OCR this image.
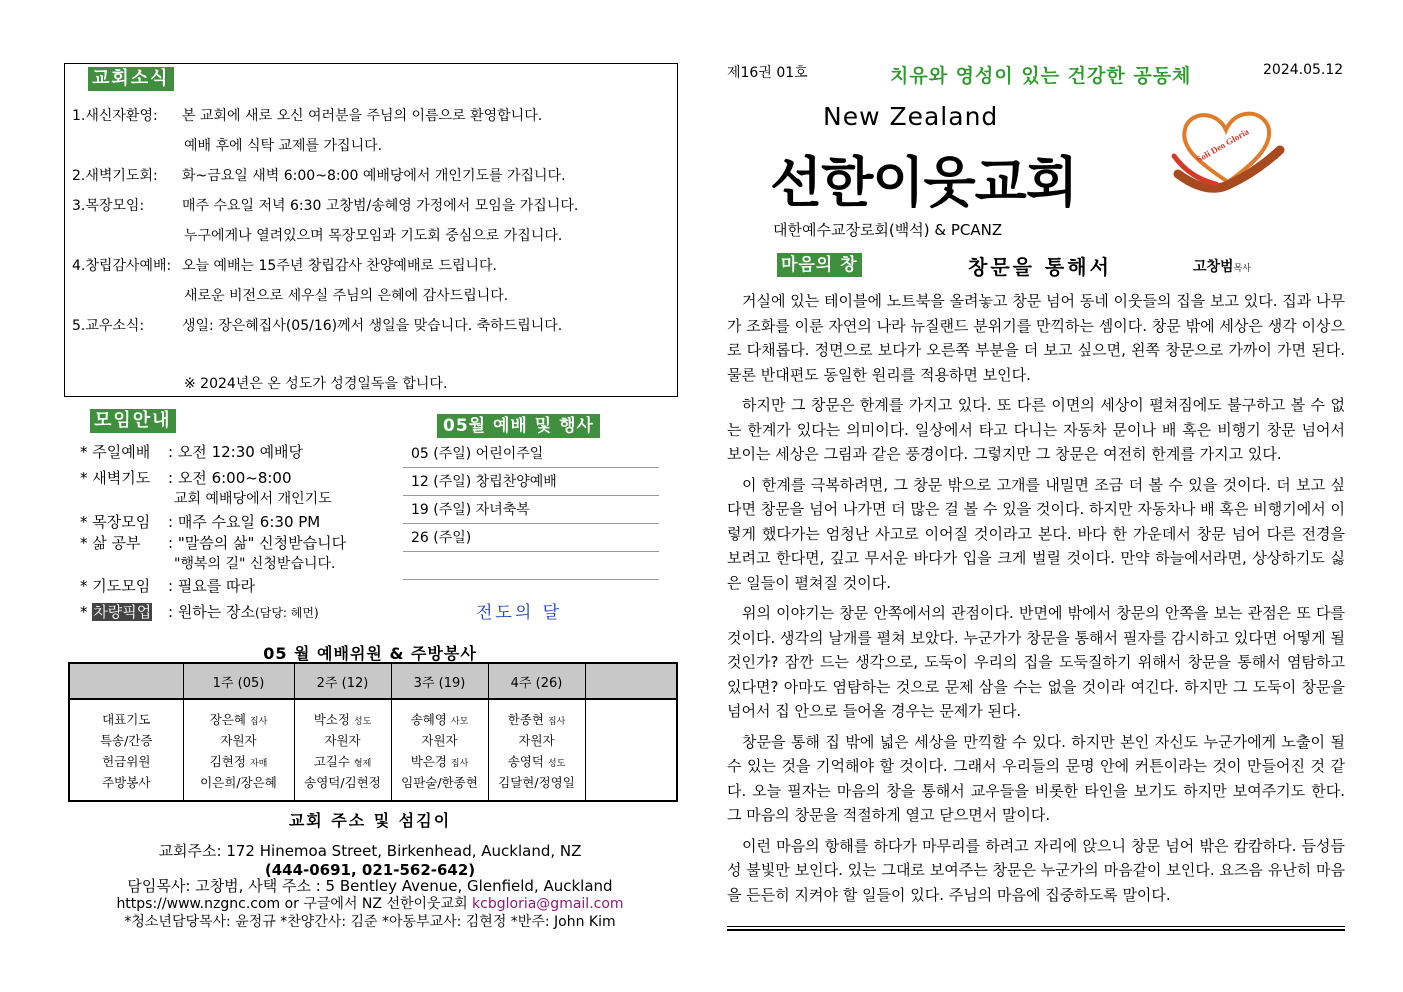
교회소식
1.새신자환영: 본 교회에 새로 오신 여러분을 주님의 이름으로 환영합니다.
예배 후에 식탁 교제를 가집니다.
2.새벽기도회: 화~금요일 새벽 6:00~8:00 예배당에서 개인기도를 가집니다.
3.목장모임:	매주 수요일 저녁 6:30 고창범/송혜영 가정에서 모임을 가집니다.
누구에게나 열려있으며 목장모임과 기도회 중심으로 가집니다.
4.창립감사예배: 오늘 예배는 15주년 창립감사 찬양예배로 드립니다.
새로운 비전으로 세우실 주님의 은혜에 감사드립니다.
5.교우소식:	생일: 장은혜집사(05/16)께서 생일을 맞습니다. 축하드립니다.
※ 2024년은 온 성도가 성경일독을 합니다.
모임안내
* 주일예배 : 오전 12:30 예배당
* 새벽기도 : 오전 6:00~8:00
교회 예배당에서 개인기도
* 목장모임 : 매주 수요일 6:30 PM
* 삶 공부 : "말씀의 삶" 신청받습니다
"행복의 길" 신청받습니다.
* 기도모임 : 필요를 따라
* 차량픽업 : 원하는 장소(담당: 헤먼)
05월 예배 및 행사
05 (주일) 어린이주일
12 (주일) 창립찬양예배
19 (주일) 자녀축복
26 (주일)
전도의 달
05 월 예배위원 & 주방봉사
	1주 (05)	2주 (12)	3주 (19)	4주 (26)	
대표기도	장은혜 집사	박소정 성도	송혜영 사모	한종현 집사	
특송/간증	자원자	자원자	자원자	자원자	
헌금위원	김현정 자매	고길수 형제	박은경 집사	송영덕 성도	
주방봉사	이은희/장은혜	송영덕/김현정	임판술/한종현	김달현/정영일	
교회 주소 및 섬김이
교회주소: 172 Hinemoa Street, Birkenhead, Auckland, NZ
(444-0691, 021-562-642)
담임목사: 고창범, 사택 주소 : 5 Bentley Avenue, Glenfield, Auckland
https://www.nzgnc.com or 구글에서 NZ 선한이웃교회 kcbgloria@gmail.com
*청소년담당목사: 윤정규 *찬양간사: 김준 *아동부교사: 김현정 *반주: John Kim
제16권 01호	치유와 영성이 있는 건강한 공동체	2024.05.12
New Zealand
선한이웃교회
대한예수교장로회(백석) & PCANZ
Soli Deo Gloria
마음의 창	창문을 통해서	고창범목사

거실에 있는 테이블에 노트북을 올려놓고 창문 넘어 동네 이웃들의 집을 보고 있다. 집과 나무가 조화를 이룬 자연의 나라 뉴질랜드 분위기를 만끽하는 셈이다. 창문 밖에 세상은 생각 이상으로 다채롭다. 정면으로 보다가 오른쪽 부분을 더 보고 싶으면, 왼쪽 창문으로 가까이 가면 된다. 물론 반대편도 동일한 원리를 적용하면 보인다.

하지만 그 창문은 한계를 가지고 있다. 또 다른 이면의 세상이 펼쳐짐에도 불구하고 볼 수 없는 한계가 있다는 의미이다. 일상에서 타고 다니는 자동차 문이나 배 혹은 비행기 창문 넘어서 보이는 세상은 그림과 같은 풍경이다. 그렇지만 그 창문은 여전히 한계를 가지고 있다.

이 한계를 극복하려면, 그 창문 밖으로 고개를 내밀면 조금 더 볼 수 있을 것이다. 더 보고 싶다면 창문을 넘어 나가면 더 많은 걸 볼 수 있을 것이다. 하지만 자동차나 배 혹은 비행기에서 이렇게 했다가는 엄청난 사고로 이어질 것이라고 본다. 바다 한 가운데서 창문 넘어 다른 전경을 보려고 한다면, 깊고 무서운 바다가 입을 크게 벌릴 것이다. 만약 하늘에서라면, 상상하기도 싫은 일들이 펼쳐질 것이다.

위의 이야기는 창문 안쪽에서의 관점이다. 반면에 밖에서 창문의 안쪽을 보는 관점은 또 다를 것이다. 생각의 날개를 펼쳐 보았다. 누군가가 창문을 통해서 필자를 감시하고 있다면 어떻게 될 것인가? 잠깐 드는 생각으로, 도둑이 우리의 집을 도둑질하기 위해서 창문을 통해서 염탐하고 있다면? 아마도 염탐하는 것으로 문제 삼을 수는 없을 것이라 여긴다. 하지만 그 도둑이 창문을 넘어서 집 안으로 들어올 경우는 문제가 된다.

창문을 통해 집 밖에 넓은 세상을 만끽할 수 있다. 하지만 본인 자신도 누군가에게 노출이 될 수 있는 것을 기억해야 할 것이다. 그래서 우리들의 문명 안에 커튼이라는 것이 만들어진 것 같다. 오늘 필자는 마음의 창을 통해서 교우들을 비롯한 타인을 보기도 하지만 보여주기도 한다. 그 마음의 창문을 적절하게 열고 닫으면서 말이다.

이런 마음의 항해를 하다가 마무리를 하려고 자리에 앉으니 창문 넘어 밖은 캄캄하다. 듬성듬성 불빛만 보인다. 있는 그대로 보여주는 창문은 누군가의 마음같이 보인다. 요즈음 유난히 마음을 든든히 지켜야 할 일들이 있다. 주님의 마음에 집중하도록 말이다.
